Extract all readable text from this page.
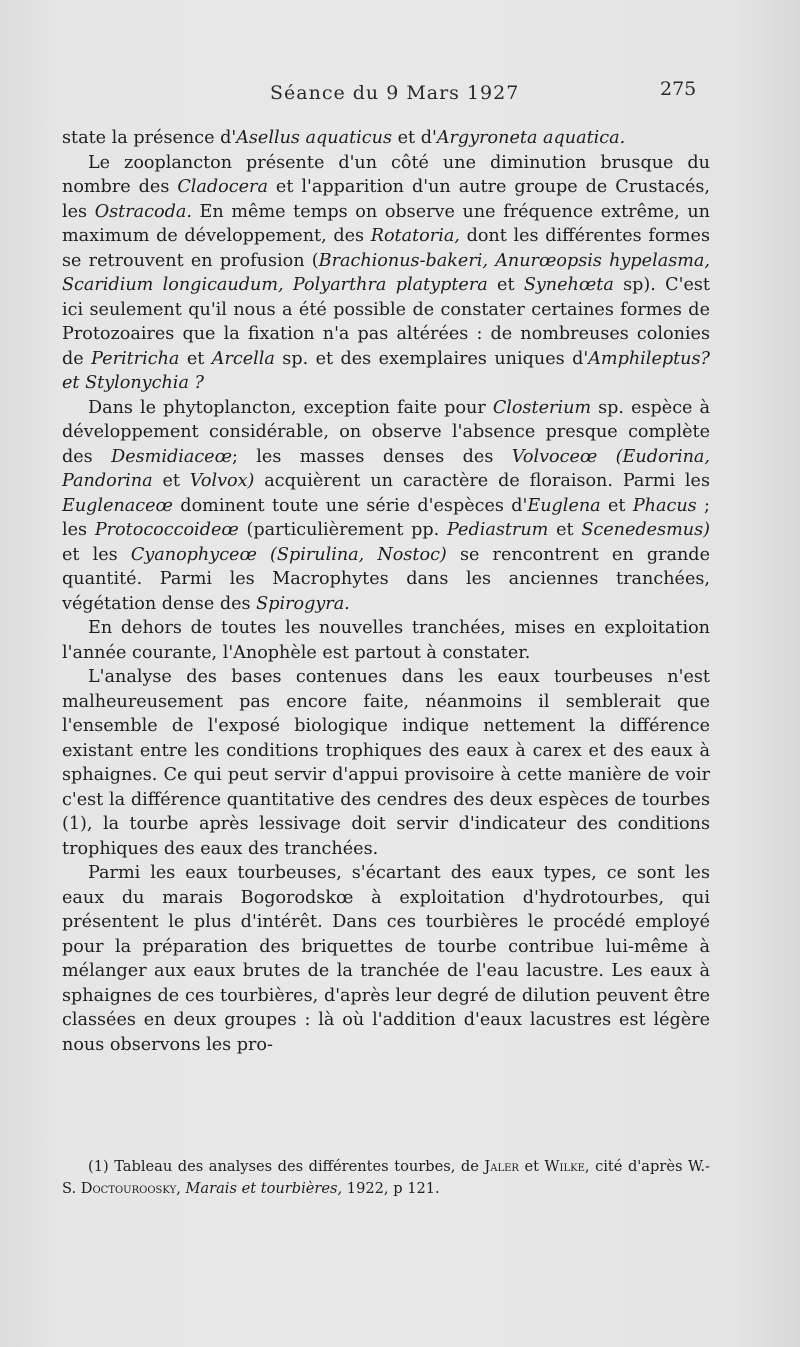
Séance du 9 Mars 1927	275

state la présence d'Asellus aquaticus et d'Argyroneta aquatica.

Le zooplancton présente d'un côté une diminution brusque du nombre des Cladocera et l'apparition d'un autre groupe de Crustacés, les Ostracoda. En même temps on observe une fréquence extrême, un maximum de développement, des Rotatoria, dont les différentes formes se retrouvent en profusion (Brachionus-bakeri, Anurœopsis hypelasma, Scaridium longicaudum, Polyarthra platyptera et Synehœta sp). C'est ici seulement qu'il nous a été possible de constater certaines formes de Protozoaires que la fixation n'a pas altérées : de nombreuses colonies de Peritricha et Arcella sp. et des exemplaires uniques d'Amphileptus? et Stylonychia ?

Dans le phytoplancton, exception faite pour Closterium sp. espèce à développement considérable, on observe l'absence presque complète des Desmidiaceœ; les masses denses des Volvoceœ (Eudorina, Pandorina et Volvox) acquièrent un caractère de floraison. Parmi les Euglenaceœ dominent toute une série d'espèces d'Euglena et Phacus ; les Protococcoideœ (particulièrement pp. Pediastrum et Scenedesmus) et les Cyanophyceœ (Spirulina, Nostoc) se rencontrent en grande quantité. Parmi les Macrophytes dans les anciennes tranchées, végétation dense des Spirogyra.

En dehors de toutes les nouvelles tranchées, mises en exploitation l'année courante, l'Anophèle est partout à constater.

L'analyse des bases contenues dans les eaux tourbeuses n'est malheureusement pas encore faite, néanmoins il semblerait que l'ensemble de l'exposé biologique indique nettement la différence existant entre les conditions trophiques des eaux à carex et des eaux à sphaignes. Ce qui peut servir d'appui provisoire à cette manière de voir c'est la différence quantitative des cendres des deux espèces de tourbes (1), la tourbe après lessivage doit servir d'indicateur des conditions trophiques des eaux des tranchées.

Parmi les eaux tourbeuses, s'écartant des eaux types, ce sont les eaux du marais Bogorodskœ à exploitation d'hydrotourbes, qui présentent le plus d'intérêt. Dans ces tourbières le procédé employé pour la préparation des briquettes de tourbe contribue lui-même à mélanger aux eaux brutes de la tranchée de l'eau lacustre. Les eaux à sphaignes de ces tourbières, d'après leur degré de dilution peuvent être classées en deux groupes : là où l'addition d'eaux lacustres est légère nous observons les pro-

(1) Tableau des analyses des différentes tourbes, de Jaler et Wilke, cité d'après W.-S. Doctouroosky, Marais et tourbières, 1922, p 121.
